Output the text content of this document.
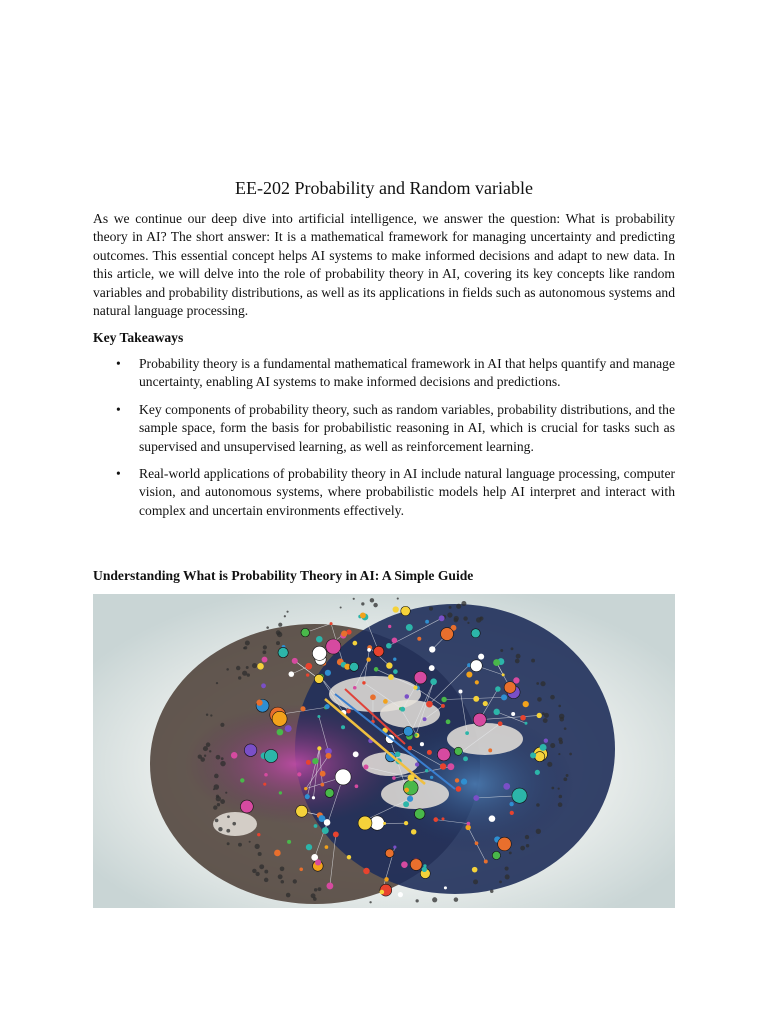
EE-202 Probability and Random variable

As we continue our deep dive into artificial intelligence, we answer the question: What is probability theory in AI? The short answer: It is a mathematical framework for managing uncertainty and predicting outcomes. This essential concept helps AI systems to make informed decisions and adapt to new data. In this article, we will delve into the role of probability theory in AI, covering its key concepts like random variables and probability distributions, as well as its applications in fields such as autonomous systems and natural language processing.

Key Takeaways

• Probability theory is a fundamental mathematical framework in AI that helps quantify and manage uncertainty, enabling AI systems to make informed decisions and predictions.
• Key components of probability theory, such as random variables, probability distributions, and the sample space, form the basis for probabilistic reasoning in AI, which is crucial for tasks such as supervised and unsupervised learning, as well as reinforcement learning.
• Real-world applications of probability theory in AI include natural language processing, computer vision, and autonomous systems, where probabilistic models help AI interpret and interact with complex and uncertain environments effectively.

Understanding What is Probability Theory in AI: A Simple Guide
